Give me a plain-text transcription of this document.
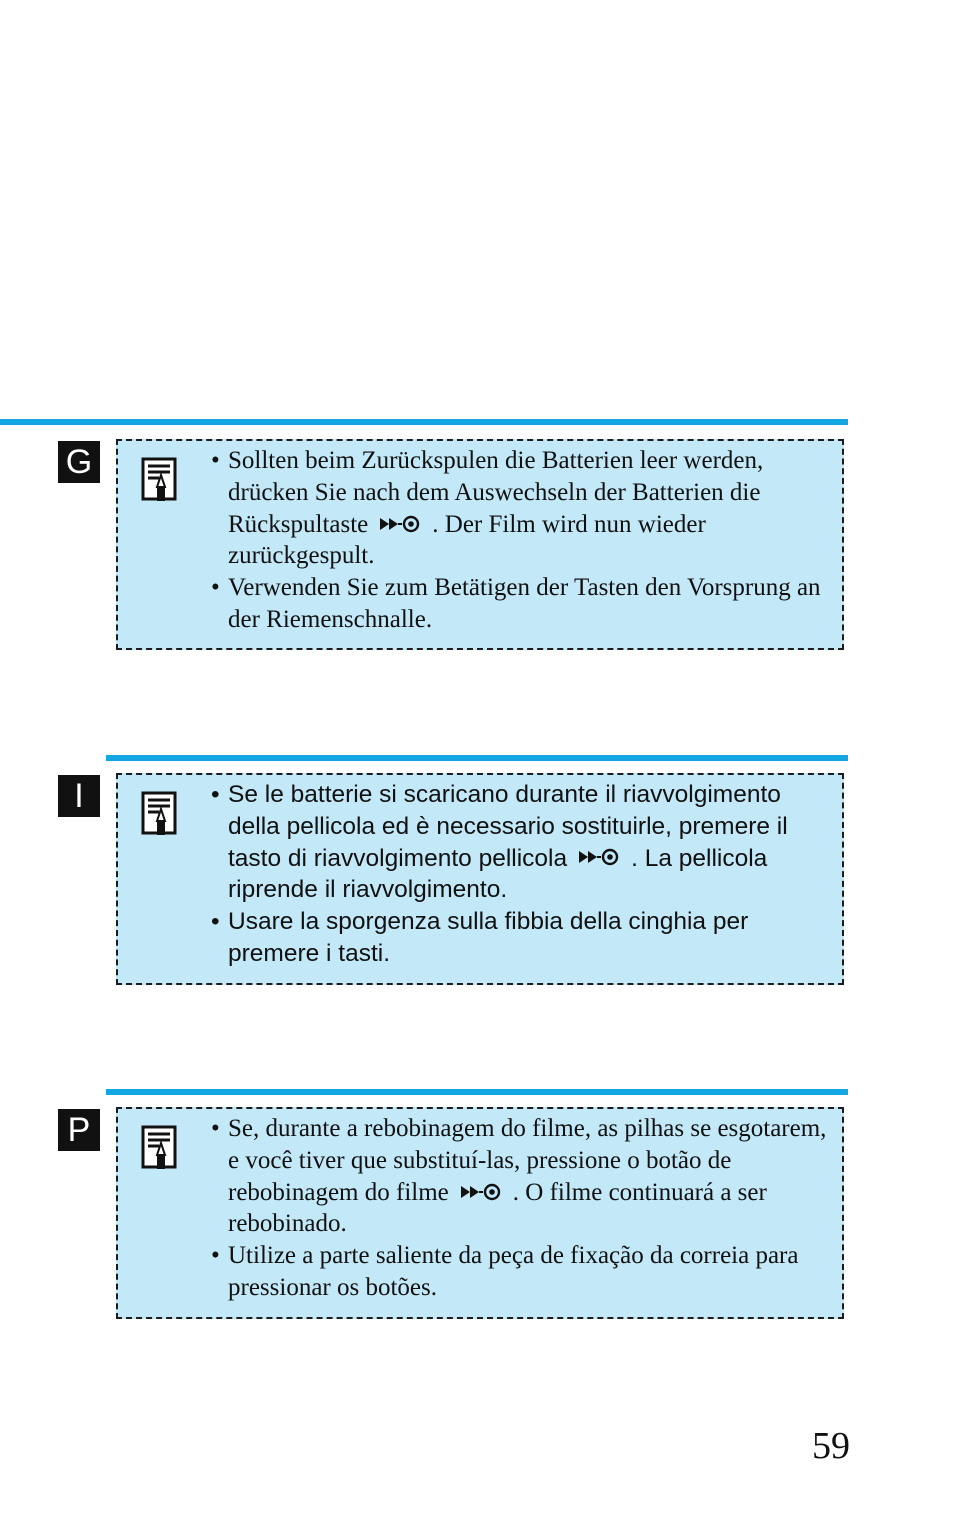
G	• Sollten beim Zurückspulen die Batterien leer werden, drücken Sie nach dem Auswechseln der Batterien die Rückspultaste	. Der Film wird nun wieder zurückgespult.
• Verwenden Sie zum Betätigen der Tasten den Vorsprung an der Riemenschnalle.
I	• Se le batterie si scaricano durante il riavvolgimento della pellicola ed è necessario sostituirle, premere il tasto di riavvolgimento pellicola	. La pellicola riprende il riavvolgimento.
• Usare la sporgenza sulla fibbia della cinghia per premere i tasti.
P	• Se, durante a rebobinagem do filme, as pilhas se esgotarem, e você tiver que substituí-las, pressione o botão de rebobinagem do filme	. O filme continuará a ser rebobinado.
• Utilize a parte saliente da peça de fixação da correia para pressionar os botões.
59
